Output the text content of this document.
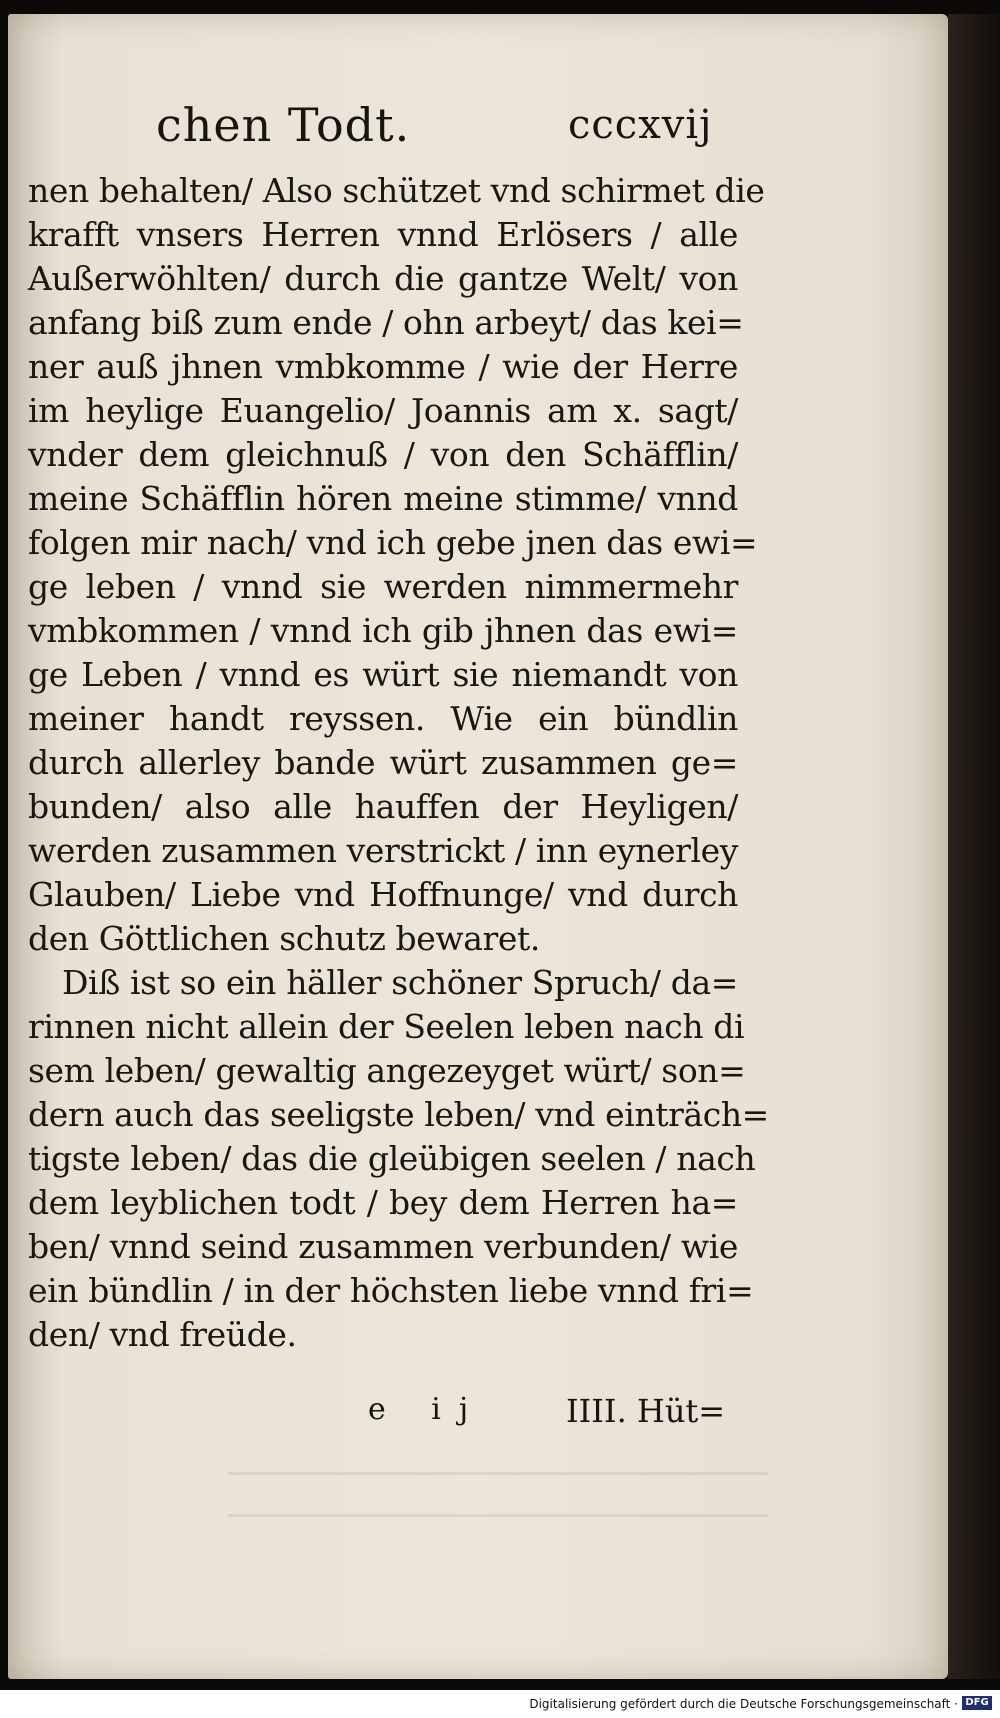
chen Todt.	cccxvij
nen behalten/ Also schützet vnd schirmet die
krafft vnsers Herren vnnd Erlösers / alle
Außerwöhlten/ durch die gantze Welt/ von
anfang biß zum ende / ohn arbeyt/ das kei=
ner auß jhnen vmbkomme / wie der Herre
im heylige Euangelio/ Joannis am x. sagt/
vnder dem gleichnuß / von den Schäfflin/
meine Schäfflin hören meine stimme/ vnnd
folgen mir nach/ vnd ich gebe jnen das ewi=
ge leben / vnnd sie werden nimmermehr
vmbkommen / vnnd ich gib jhnen das ewi=
ge Leben / vnnd es würt sie niemandt von
meiner handt reyssen. Wie ein bündlin
durch allerley bande würt zusammen ge=
bunden/ also alle hauffen der Heyligen/
werden zusammen verstrickt / inn eynerley
Glauben/ Liebe vnd Hoffnunge/ vnd durch
den Göttlichen schutz bewaret.
Diß ist so ein häller schöner Spruch/ da=
rinnen nicht allein der Seelen leben nach di
sem leben/ gewaltig angezeyget würt/ son=
dern auch das seeligste leben/ vnd einträch=
tigste leben/ das die gleübigen seelen / nach
dem leyblichen todt / bey dem Herren ha=
ben/ vnnd seind zusammen verbunden/ wie
ein bündlin / in der höchsten liebe vnnd fri=
den/ vnd freüde.
e ij IIII. Hüt=
Digitalisierung gefördert durch die Deutsche Forschungsgemeinschaft · DFG
